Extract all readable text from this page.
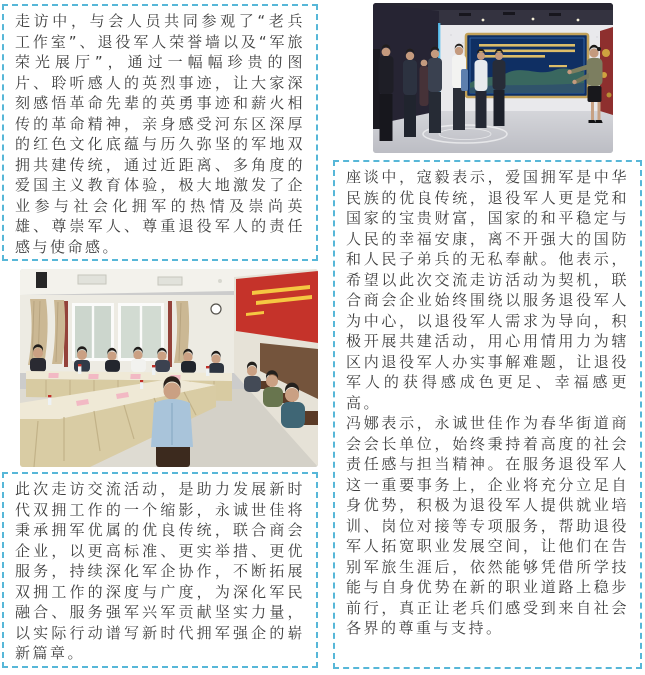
走访中，与会人员共同参观了“老兵工作室”、退役军人荣誉墙以及“军旅荣光展厅”，通过一幅幅珍贵的图片、聆听感人的英烈事迹，让大家深刻感悟革命先辈的英勇事迹和薪火相传的革命精神，亲身感受河东区深厚的红色文化底蕴与历久弥坚的军地双拥共建传统，通过近距离、多角度的爱国主义教育体验，极大地激发了企业参与社会化拥军的热情及崇尚英雄、尊崇军人、尊重退役军人的责任感与使命感。

座谈中，寇毅表示，爱国拥军是中华民族的优良传统，退役军人更是党和国家的宝贵财富，国家的和平稳定与人民的幸福安康，离不开强大的国防和人民子弟兵的无私奉献。他表示，希望以此次交流走访活动为契机，联合商会企业始终围绕以服务退役军人为中心，以退役军人需求为导向，积极开展共建活动，用心用情用力为辖区内退役军人办实事解难题，让退役军人的获得感成色更足、幸福感更高。

冯娜表示，永诚世佳作为春华街道商会会长单位，始终秉持着高度的社会责任感与担当精神。在服务退役军人这一重要事务上，企业将充分立足自身优势，积极为退役军人提供就业培训、岗位对接等专项服务，帮助退役军人拓宽职业发展空间，让他们在告别军旅生涯后，依然能够凭借所学技能与自身优势在新的职业道路上稳步前行，真正让老兵们感受到来自社会各界的尊重与支持。

此次走访交流活动，是助力发展新时代双拥工作的一个缩影，永诚世佳将秉承拥军优属的优良传统，联合商会企业，以更高标准、更实举措、更优服务，持续深化军企协作，不断拓展双拥工作的深度与广度，为深化军民融合、服务强军兴军贡献坚实力量，以实际行动谱写新时代拥军强企的崭新篇章。
